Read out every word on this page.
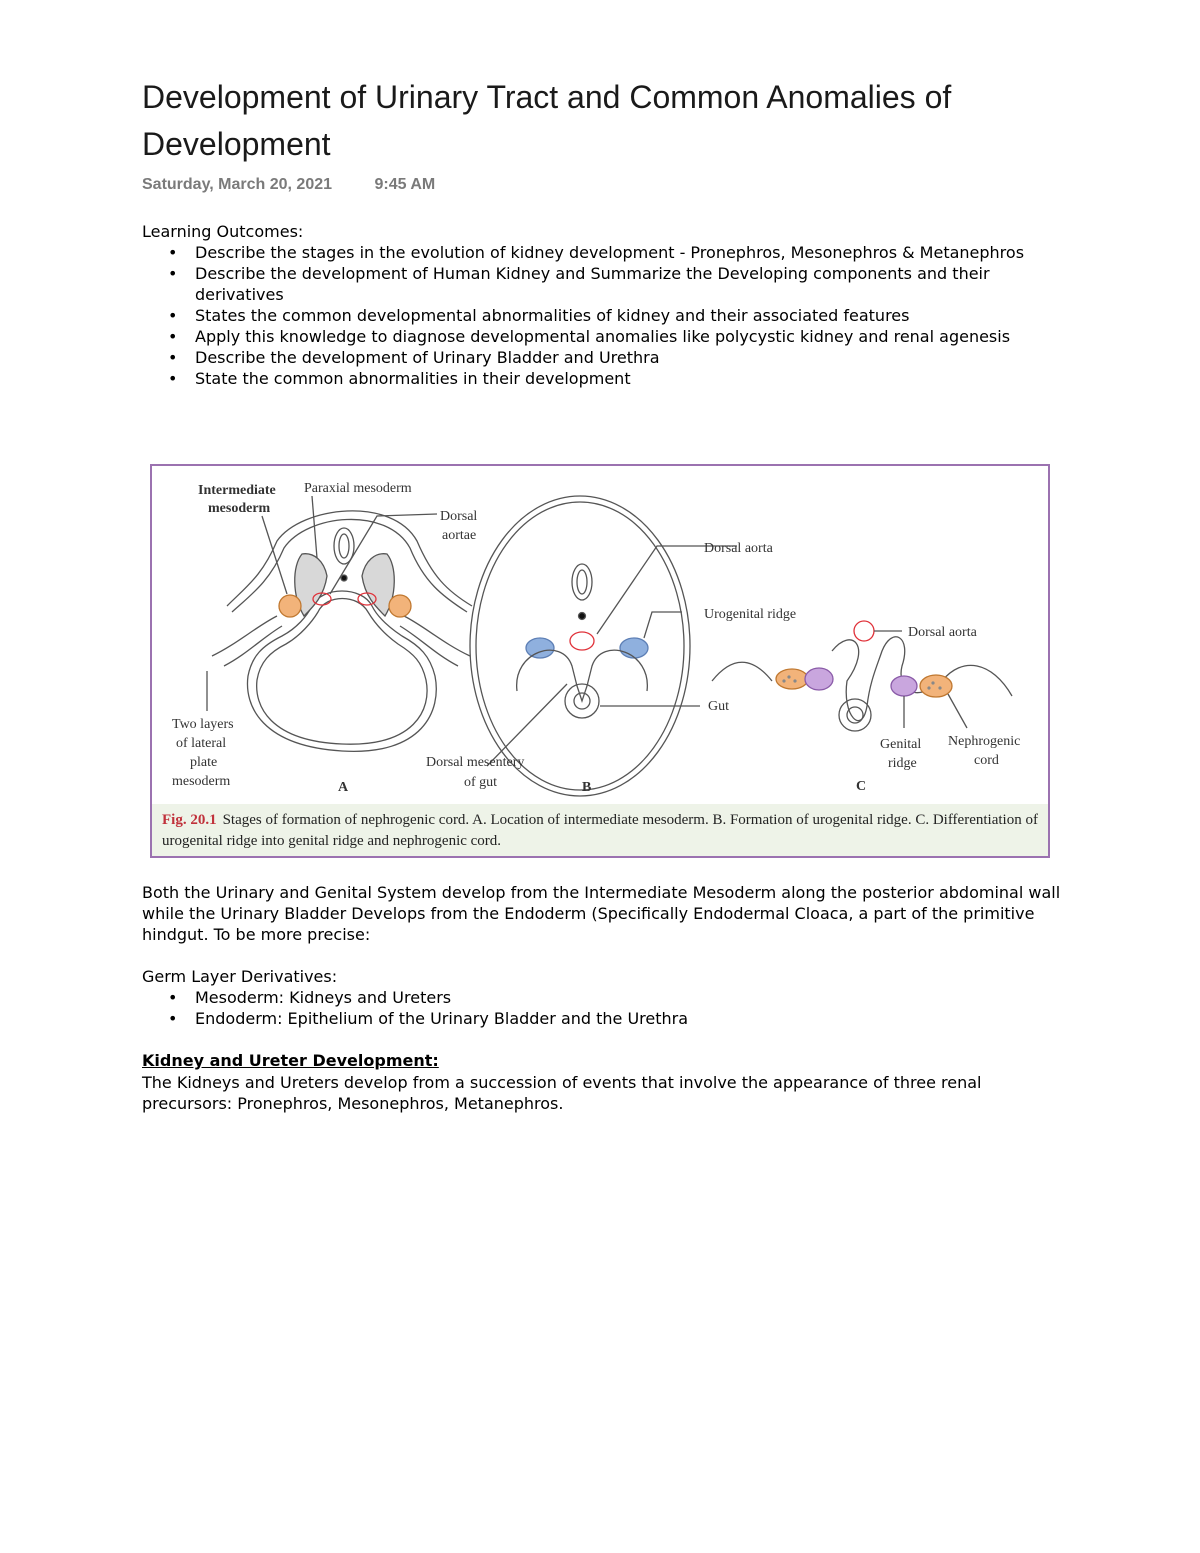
Development of Urinary Tract and Common Anomalies of Development
Saturday, March 20, 2021	9:45 AM
Learning Outcomes:
• Describe the stages in the evolution of kidney development - Pronephros, Mesonephros & Metanephros
• Describe the development of Human Kidney and Summarize the Developing components and their derivatives
• States the common developmental abnormalities of kidney and their associated features
• Apply this knowledge to diagnose developmental anomalies like polycystic kidney and renal agenesis
• Describe the development of Urinary Bladder and Urethra
• State the common abnormalities in their development
Intermediate
mesoderm
Paraxial mesoderm
Dorsal
aortae
Two layers
of lateral
plate
mesoderm	A
Dorsal aorta
Urogenital ridge
Gut
Dorsal mesentery
of gut	B
Dorsal aorta
Genital
ridge
Nephrogenic
cord
C
Fig. 20.1 Stages of formation of nephrogenic cord. A. Location of intermediate mesoderm. B. Formation of urogenital ridge. C. Differentiation of urogenital ridge into genital ridge and nephrogenic cord.
Both the Urinary and Genital System develop from the Intermediate Mesoderm along the posterior abdominal wall while the Urinary Bladder Develops from the Endoderm (Specifically Endodermal Cloaca, a part of the primitive hindgut. To be more precise:
Germ Layer Derivatives:
• Mesoderm: Kidneys and Ureters
• Endoderm: Epithelium of the Urinary Bladder and the Urethra
Kidney and Ureter Development:
The Kidneys and Ureters develop from a succession of events that involve the appearance of three renal precursors: Pronephros, Mesonephros, Metanephros.
